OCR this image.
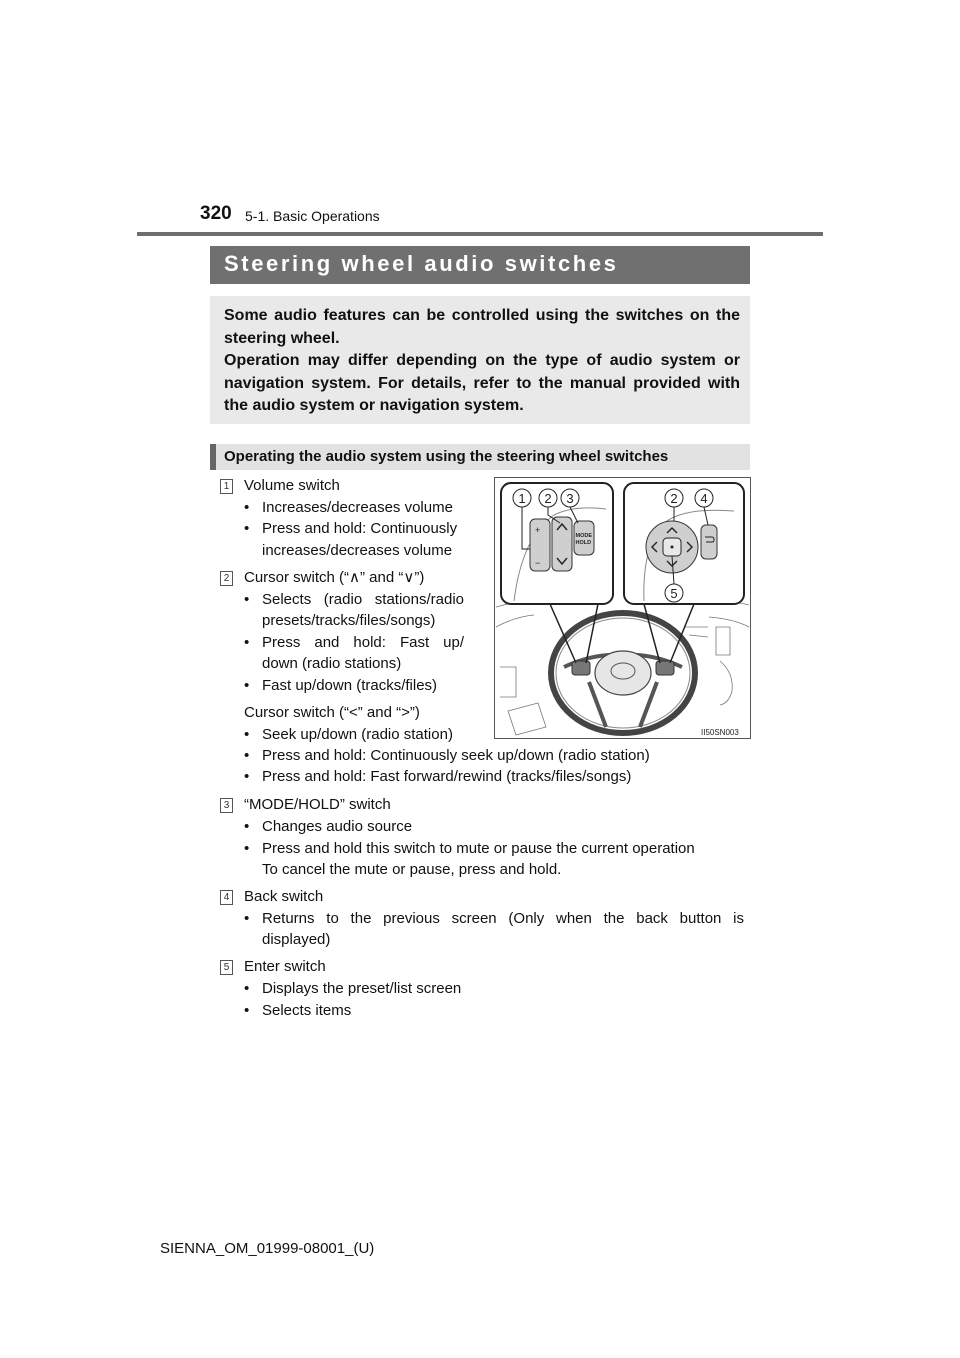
320 5-1. Basic Operations
Steering wheel audio switches

Some audio features can be controlled using the switches on the steering wheel.

Operation may differ depending on the type of audio system or navigation system. For details, refer to the manual provided with the audio system or navigation system.

Operating the audio system using the steering wheel switches
1 Volume switch
• Increases/decreases volume
• Press and hold: Continuously
increases/decreases volume
2 Cursor switch (“∧” and “∨”)
• Selects (radio stations/radio
presets/tracks/files/songs)
• Press and hold: Fast up/
down (radio stations)
• Fast up/down (tracks/files)
Cursor switch (“<” and “>”)
• Seek up/down (radio station)
• Press and hold: Continuously seek up/down (radio station)
• Press and hold: Fast forward/rewind (tracks/files/songs)
3 “MODE/HOLD” switch
• Changes audio source
• Press and hold this switch to mute or pause the current operation
To cancel the mute or pause, press and hold.
4 Back switch
• Returns to the previous screen (Only when the back button is
displayed)
5 Enter switch
• Displays the preset/list screen
• Selects items
+
−
MODE
HOLD
1 2 3	2 4
5
II50SN003
SIENNA_OM_01999-08001_(U)
